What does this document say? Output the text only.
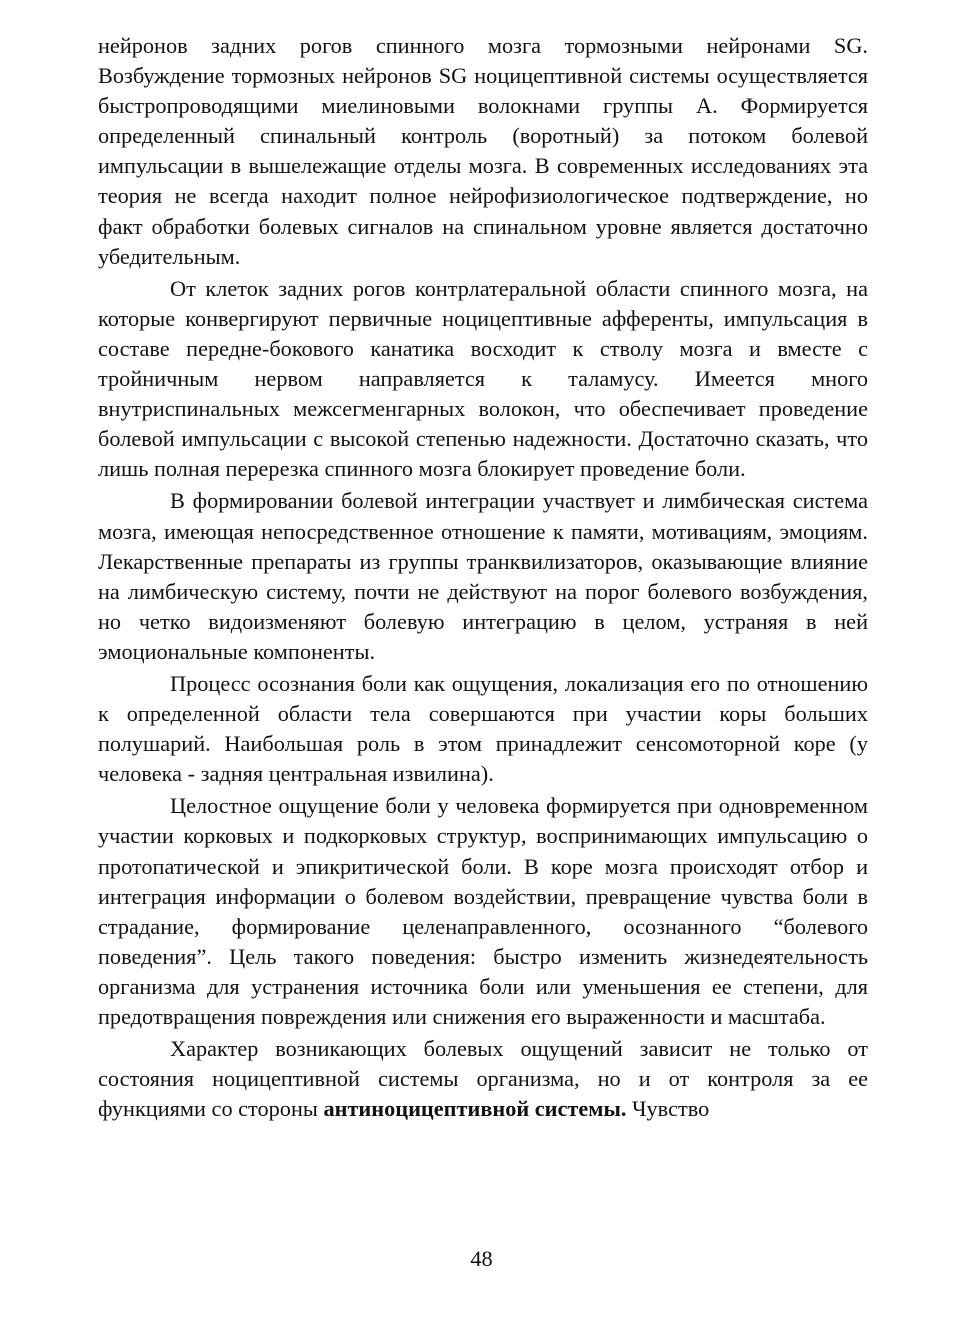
нейронов задних рогов спинного мозга тормозными нейронами SG. Возбуждение тормозных нейронов SG ноцицептивной системы осуществляется быстропроводящими миелиновыми волокнами группы А. Формируется определенный спинальный контроль (воротный) за потоком болевой импульсации в вышележащие отделы мозга. В современных исследованиях эта теория не всегда находит полное нейрофизиологическое подтверждение, но факт обработки болевых сигналов на спинальном уровне является достаточно убедительным.

От клеток задних рогов контрлатеральной области спинного мозга, на которые конвергируют первичные ноцицептивные афференты, импульсация в составе передне-бокового канатика восходит к стволу мозга и вместе с тройничным нервом направляется к таламусу. Имеется много внутриспинальных межсегменгарных волокон, что обеспечивает проведение болевой импульсации с высокой степенью надежности. Достаточно сказать, что лишь полная перерезка спинного мозга блокирует проведение боли.

В формировании болевой интеграции участвует и лимбическая система мозга, имеющая непосредственное отношение к памяти, мотивациям, эмоциям. Лекарственные препараты из группы транквилизаторов, оказывающие влияние на лимбическую систему, почти не действуют на порог болевого возбуждения, но четко видоизменяют болевую интеграцию в целом, устраняя в ней эмоциональные компоненты.

Процесс осознания боли как ощущения, локализация его по отношению к определенной области тела совершаются при участии коры больших полушарий. Наибольшая роль в этом принадлежит сенсомоторной коре (у человека - задняя центральная извилина).

Целостное ощущение боли у человека формируется при одновременном участии корковых и подкорковых структур, воспринимающих импульсацию о протопатической и эпикритической боли. В коре мозга происходят отбор и интеграция информации о болевом воздействии, превращение чувства боли в страдание, формирование целенаправленного, осознанного “болевого поведения”. Цель такого поведения: быстро изменить жизнедеятельность организма для устранения источника боли или уменьшения ее степени, для предотвращения повреждения или снижения его выраженности и масштаба.

Характер возникающих болевых ощущений зависит не только от состояния ноцицептивной системы организма, но и от контроля за ее функциями со стороны антиноцицептивной системы. Чувство

48
